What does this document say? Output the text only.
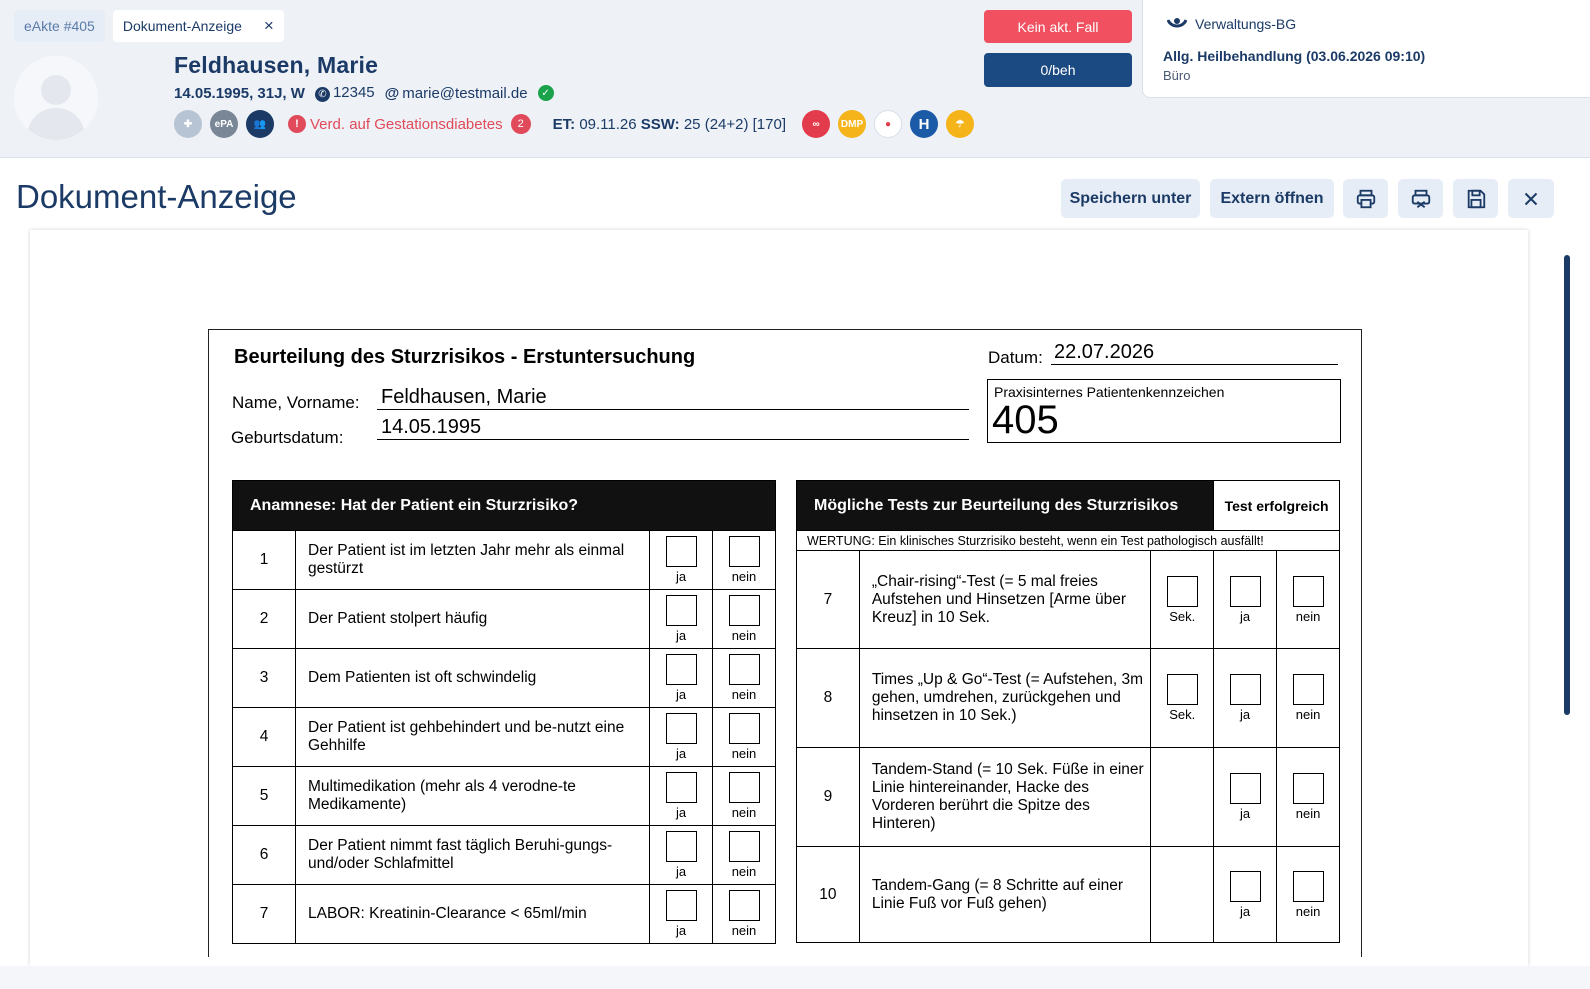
eAkte #405	Dokument-Anzeige ×
Feldhausen, Marie
14.05.1995, 31J, W	✆ 12345 @ marie@testmail.de	✓
✚	ePA	👥	! Verd. auf Gestationsdiabetes	2	ET: 09.11.26 SSW: 25 (24+2) [170]	∞	DMP	●	H	☂
Kein akt. Fall
0/beh
Verwaltungs-BG
Allg. Heilbehandlung (03.06.2026 09:10)
Büro
Dokument-Anzeige	Speichern unter	Extern öffnen
Beurteilung des Sturzrisikos - Erstuntersuchung	Datum: 22.07.2026
Name, Vorname: Feldhausen, Marie
Geburtsdatum: 14.05.1995
Praxisinternes Patientenkennzeichen
405
Anamnese: Hat der Patient ein Sturzrisiko?			
1	Der Patient ist im letzten Jahr mehr als einmal gestürzt	ja	nein

2	Der Patient stolpert häufig	ja	nein

3	Dem Patienten ist oft schwindelig	ja	nein

4	Der Patient ist gehbehindert und be-nutzt eine Gehhilfe	ja	nein

5	Multimedikation (mehr als 4 verodne-te Medikamente)	ja	nein

6	Der Patient nimmt fast täglich Beruhi-gungs- und/oder Schlafmittel	ja	nein

7	LABOR: Kreatinin-Clearance < 65ml/min	ja	nein
Mögliche Tests zur Beurteilung des Sturzrisikos			Test erfolgreich	
WERTUNG: Ein klinisches Sturzrisiko besteht, wenn ein Test pathologisch ausfällt!				
7	„Chair-rising“-Test (= 5 mal freies Aufstehen und Hinsetzen [Arme über Kreuz] in 10 Sek.	Sek.	ja	nein

8	Times „Up & Go“-Test (= Aufstehen, 3m gehen, umdrehen, zurückgehen und hinsetzen in 10 Sek.)	Sek.	ja	nein

9	Tandem-Stand (= 10 Sek. Füße in einer Linie hintereinander, Hacke des Vorderen berührt die Spitze des Hinteren)		ja	nein

10	Tandem-Gang (= 8 Schritte auf einer Linie Fuß vor Fuß gehen)		ja	nein
